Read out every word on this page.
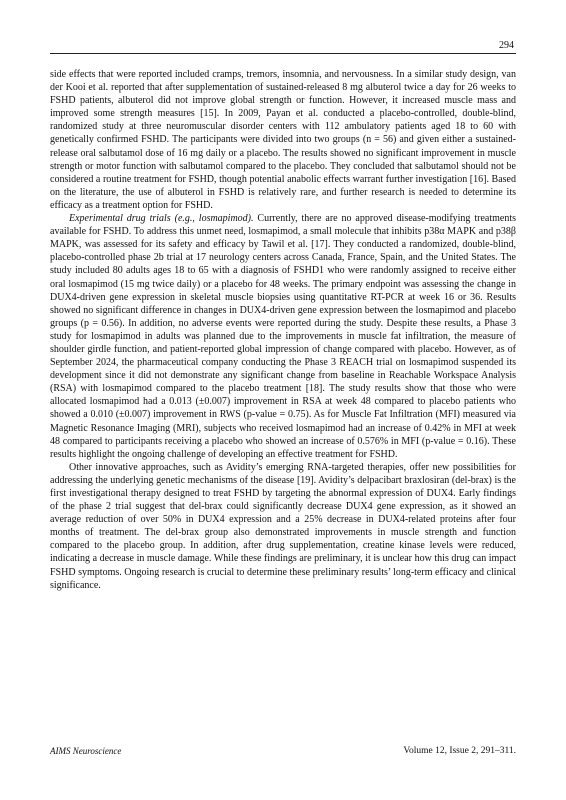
294

side effects that were reported included cramps, tremors, insomnia, and nervousness. In a similar study design, van der Kooi et al. reported that after supplementation of sustained-released 8 mg albuterol twice a day for 26 weeks to FSHD patients, albuterol did not improve global strength or function. However, it increased muscle mass and improved some strength measures [15]. In 2009, Payan et al. conducted a placebo-controlled, double-blind, randomized study at three neuromuscular disorder centers with 112 ambulatory patients aged 18 to 60 with genetically confirmed FSHD. The participants were divided into two groups (n = 56) and given either a sustained-release oral salbutamol dose of 16 mg daily or a placebo. The results showed no significant improvement in muscle strength or motor function with salbutamol compared to the placebo. They concluded that salbutamol should not be considered a routine treatment for FSHD, though potential anabolic effects warrant further investigation [16]. Based on the literature, the use of albuterol in FSHD is relatively rare, and further research is needed to determine its efficacy as a treatment option for FSHD.

Experimental drug trials (e.g., losmapimod). Currently, there are no approved disease-modifying treatments available for FSHD. To address this unmet need, losmapimod, a small molecule that inhibits p38α MAPK and p38β MAPK, was assessed for its safety and efficacy by Tawil et al. [17]. They conducted a randomized, double-blind, placebo-controlled phase 2b trial at 17 neurology centers across Canada, France, Spain, and the United States. The study included 80 adults ages 18 to 65 with a diagnosis of FSHD1 who were randomly assigned to receive either oral losmapimod (15 mg twice daily) or a placebo for 48 weeks. The primary endpoint was assessing the change in DUX4-driven gene expression in skeletal muscle biopsies using quantitative RT-PCR at week 16 or 36. Results showed no significant difference in changes in DUX4-driven gene expression between the losmapimod and placebo groups (p = 0.56). In addition, no adverse events were reported during the study. Despite these results, a Phase 3 study for losmapimod in adults was planned due to the improvements in muscle fat infiltration, the measure of shoulder girdle function, and patient-reported global impression of change compared with placebo. However, as of September 2024, the pharmaceutical company conducting the Phase 3 REACH trial on losmapimod suspended its development since it did not demonstrate any significant change from baseline in Reachable Workspace Analysis (RSA) with losmapimod compared to the placebo treatment [18]. The study results show that those who were allocated losmapimod had a 0.013 (±0.007) improvement in RSA at week 48 compared to placebo patients who showed a 0.010 (±0.007) improvement in RWS (p-value = 0.75). As for Muscle Fat Infiltration (MFI) measured via Magnetic Resonance Imaging (MRI), subjects who received losmapimod had an increase of 0.42% in MFI at week 48 compared to participants receiving a placebo who showed an increase of 0.576% in MFI (p-value = 0.16). These results highlight the ongoing challenge of developing an effective treatment for FSHD.

Other innovative approaches, such as Avidity’s emerging RNA-targeted therapies, offer new possibilities for addressing the underlying genetic mechanisms of the disease [19]. Avidity’s delpacibart braxlosiran (del-brax) is the first investigational therapy designed to treat FSHD by targeting the abnormal expression of DUX4. Early findings of the phase 2 trial suggest that del-brax could significantly decrease DUX4 gene expression, as it showed an average reduction of over 50% in DUX4 expression and a 25% decrease in DUX4-related proteins after four months of treatment. The del-brax group also demonstrated improvements in muscle strength and function compared to the placebo group. In addition, after drug supplementation, creatine kinase levels were reduced, indicating a decrease in muscle damage. While these findings are preliminary, it is unclear how this drug can impact FSHD symptoms. Ongoing research is crucial to determine these preliminary results’ long-term efficacy and clinical significance.

AIMS Neuroscience	Volume 12, Issue 2, 291–311.
